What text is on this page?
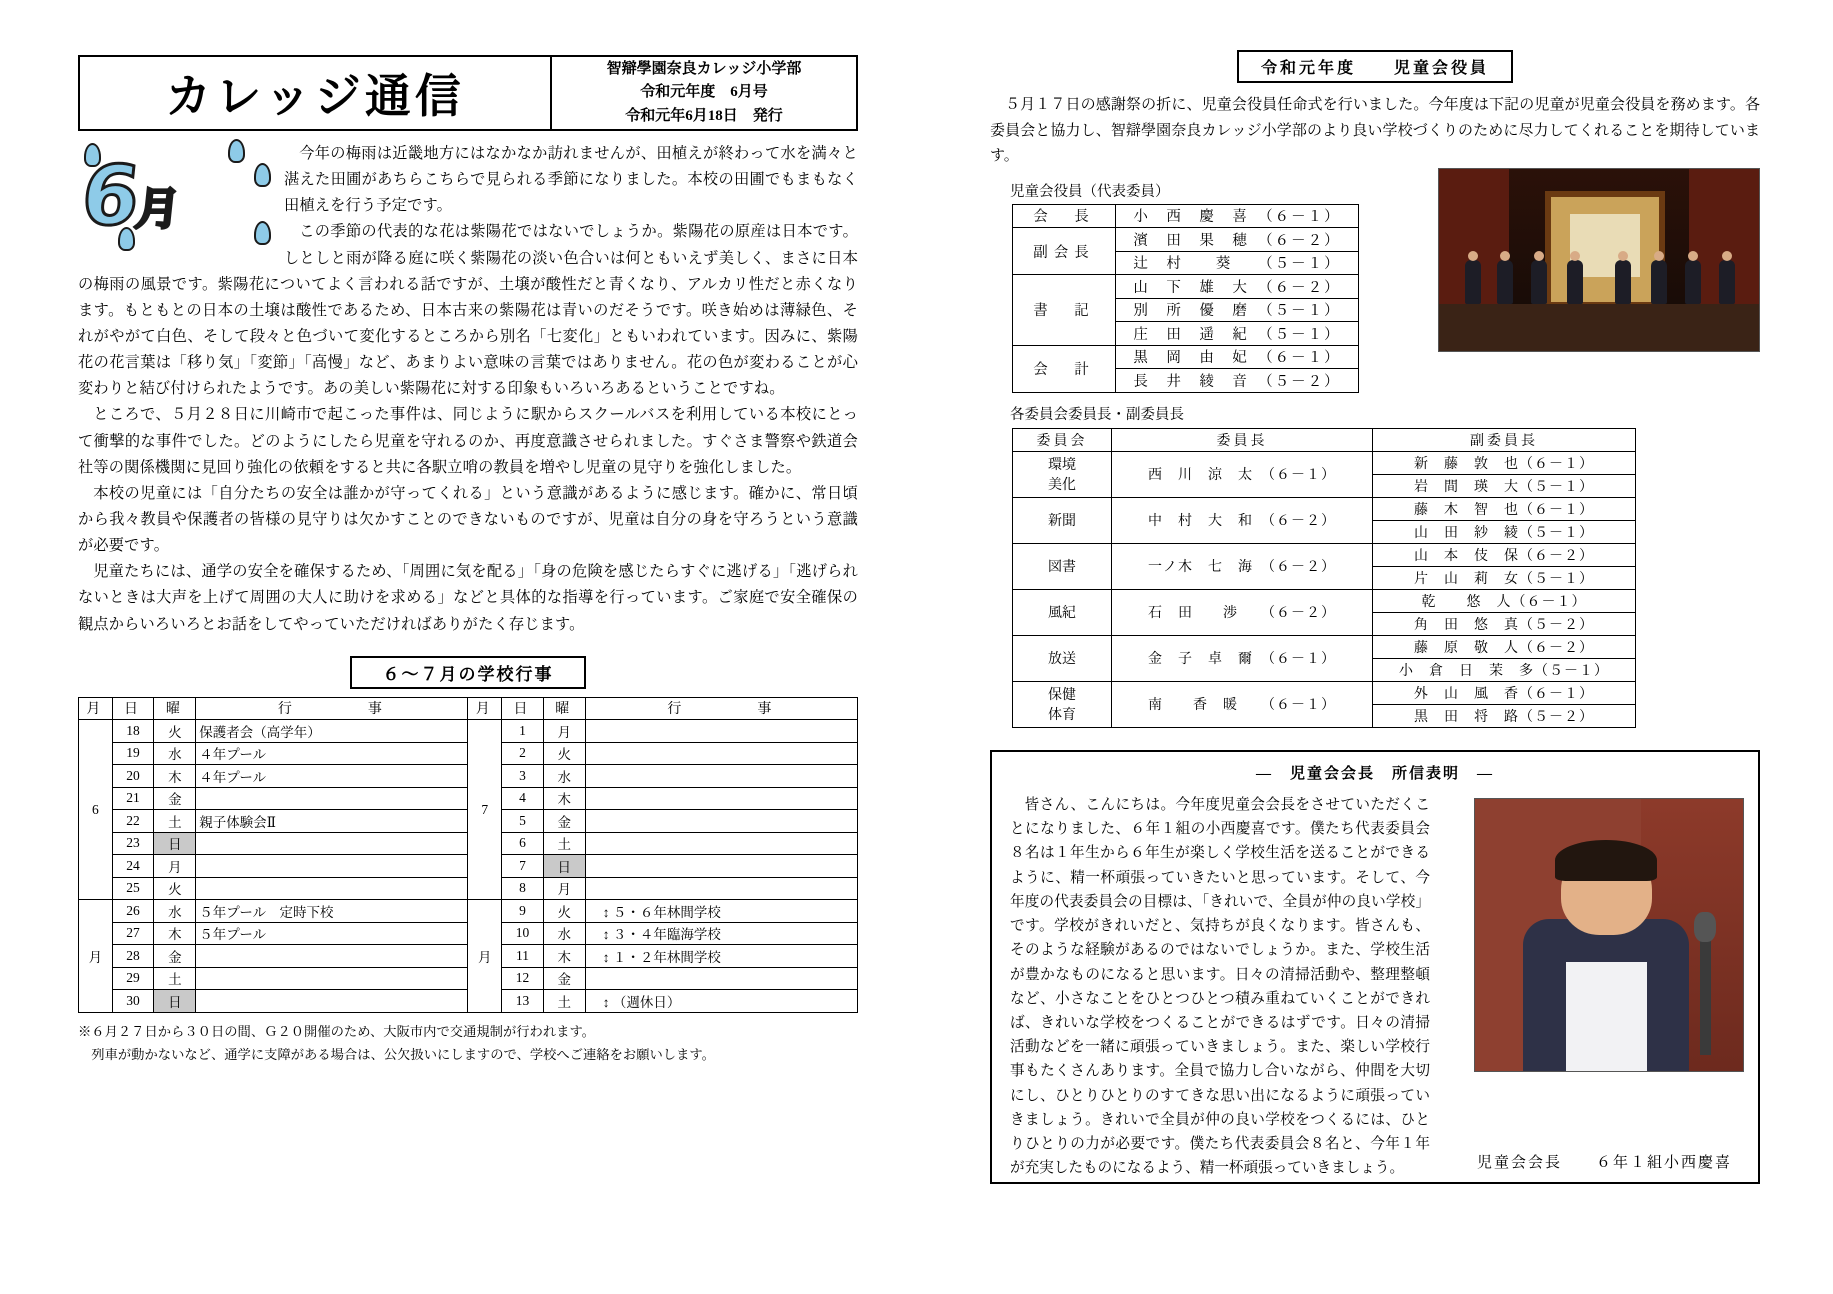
カレッジ通信	智辯學園奈良カレッジ小学部
令和元年度　6月号
令和元年6月18日　発行
6月

今年の梅雨は近畿地方にはなかなか訪れませんが、田植えが終わって水を満々と湛えた田圃があちらこちらで見られる季節になりました。本校の田圃でもまもなく田植えを行う予定です。

この季節の代表的な花は紫陽花ではないでしょうか。紫陽花の原産は日本です。しとしと雨が降る庭に咲く紫陽花の淡い色合いは何ともいえず美しく、まさに日本の梅雨の風景です。紫陽花についてよく言われる話ですが、土壌が酸性だと青くなり、アルカリ性だと赤くなります。もともとの日本の土壌は酸性であるため、日本古来の紫陽花は青いのだそうです。咲き始めは薄緑色、それがやがて白色、そして段々と色づいて変化するところから別名「七変化」ともいわれています。因みに、紫陽花の花言葉は「移り気」「変節」「高慢」など、あまりよい意味の言葉ではありません。花の色が変わることが心変わりと結び付けられたようです。あの美しい紫陽花に対する印象もいろいろあるということですね。

ところで、５月２８日に川崎市で起こった事件は、同じように駅からスクールバスを利用している本校にとって衝撃的な事件でした。どのようにしたら児童を守れるのか、再度意識させられました。すぐさま警察や鉄道会社等の関係機関に見回り強化の依頼をすると共に各駅立哨の教員を増やし児童の見守りを強化しました。

本校の児童には「自分たちの安全は誰かが守ってくれる」という意識があるように感じます。確かに、常日頃から我々教員や保護者の皆様の見守りは欠かすことのできないものですが、児童は自分の身を守ろうという意識が必要です。

児童たちには、通学の安全を確保するため、「周囲に気を配る」「身の危険を感じたらすぐに逃げる」「逃げられないときは大声を上げて周囲の大人に助けを求める」などと具体的な指導を行っています。ご家庭で安全確保の観点からいろいろとお話をしてやっていただければありがたく存じます。

６～７月の学校行事
月	日	曜	行　　　　事	月	日	曜	行　　　　事
6	18	火	保護者会（高学年）	7	1	月	
	19	水	４年プール		2	火	
	20	木	４年プール		3	水	
	21	金			4	木	
	22	土	親子体験会Ⅱ		5	金	
	23	日			6	土	
	24	月			7	日	
	25	火			8	月	
月	26	水	５年プール　定時下校	月	9	火	↕ ５・６年林間学校
	27	木	５年プール		10	水	↕ ３・４年臨海学校
	28	金			11	木	↕ １・２年林間学校
	29	土			12	金	
	30	日			13	土	↕ （週休日）
※６月２７日から３０日の間、Ｇ２０開催のため、大阪市内で交通規制が行われます。
列車が動かないなど、通学に支障がある場合は、公欠扱いにしますので、学校へご連絡をお願いします。
令和元年度　　児童会役員

５月１７日の感謝祭の折に、児童会役員任命式を行いました。今年度は下記の児童が児童会役員を務めます。各委員会と協力し、智辯學園奈良カレッジ小学部のより良い学校づくりのために尽力してくれることを期待しています。

児童会役員（代表委員）
会　長	小　西　慶　喜　（６－１）
副会長	濱　田　果　穂　（６－２）
	辻　村　　葵　　（５－１）
書　記	山　下　雄　大　（６－２）
	別　所　優　磨　（５－１）
	庄　田　遥　紀　（５－１）
会　計	黒　岡　由　妃　（６－１）
	長　井　綾　音　（５－２）
各委員会委員長・副委員長
委員会	委員長	副委員長

環境
美化	西　川　涼　太　（６－１）	新　藤　敦　也（６－１）
		岩　間　瑛　大（５－１）

新聞	中　村　大　和　（６－２）	藤　木　智　也（６－１）
		山　田　紗　綾（５－１）

図書	一ノ木　七　海　（６－２）	山　本　伎　保（６－２）
		片　山　莉　女（５－１）

風紀	石　田　　渉　　（６－２）	乾　　悠　人（６－１）
		角　田　悠　真（５－２）

放送	金　子　卓　爾　（６－１）	藤　原　敬　人（６－２）
		小　倉　日　茉　多（５－１）

保健
体育	南　　香　暖　　（６－１）	外　山　風　香（６－１）
		黒　田　将　路（５－２）
―　児童会会長　所信表明　―

皆さん、こんにちは。今年度児童会会長をさせていただくことになりました、６年１組の小西慶喜です。僕たち代表委員会８名は１年生から６年生が楽しく学校生活を送ることができるように、精一杯頑張っていきたいと思っています。そして、今年度の代表委員会の目標は、「きれいで、全員が仲の良い学校」です。学校がきれいだと、気持ちが良くなります。皆さんも、そのような経験があるのではないでしょうか。また、学校生活が豊かなものになると思います。日々の清掃活動や、整理整頓など、小さなことをひとつひとつ積み重ねていくことができれば、きれいな学校をつくることができるはずです。日々の清掃活動などを一緒に頑張っていきましょう。また、楽しい学校行事もたくさんあります。全員で協力し合いながら、仲間を大切にし、ひとりひとりのすてきな思い出になるように頑張っていきましょう。きれいで全員が仲の良い学校をつくるには、ひとりひとりの力が必要です。僕たち代表委員会８名と、今年１年が充実したものになるよう、精一杯頑張っていきましょう。	児童会会長　　６年１組小西慶喜
